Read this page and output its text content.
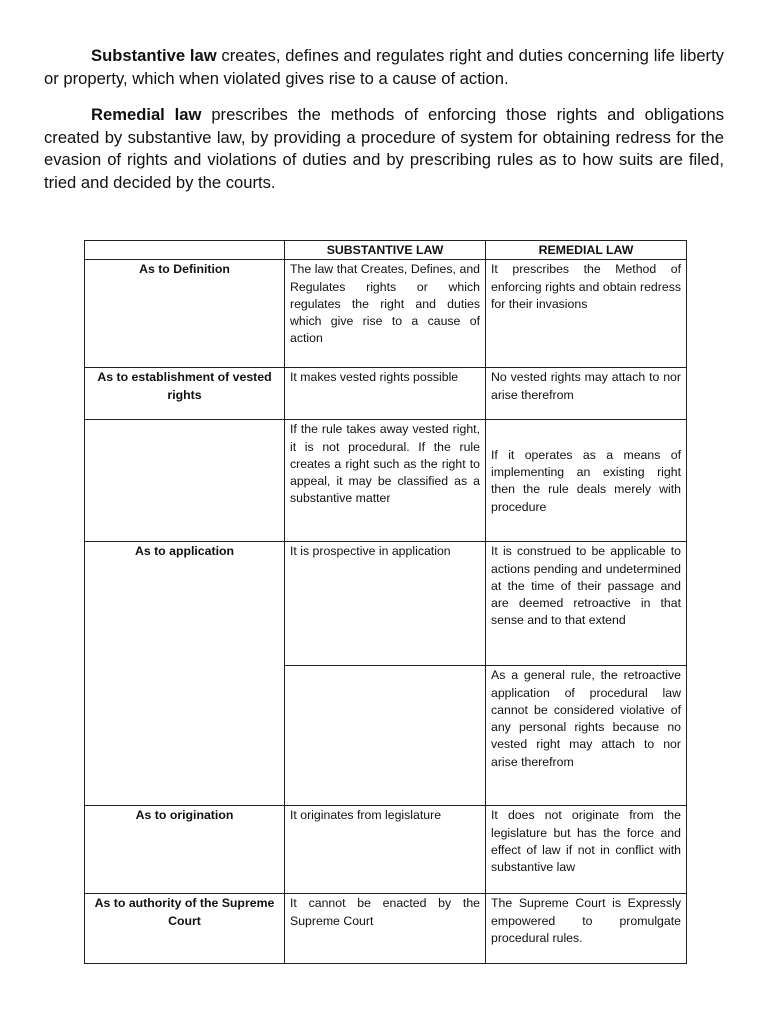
Substantive law creates, defines and regulates right and duties concerning life liberty or property, which when violated gives rise to a cause of action.

Remedial law prescribes the methods of enforcing those rights and obligations created by substantive law, by providing a procedure of system for obtaining redress for the evasion of rights and violations of duties and by prescribing rules as to how suits are filed, tried and decided by the courts.

	SUBSTANTIVE LAW	REMEDIAL LAW
As to Definition	The law that Creates, Defines, and Regulates rights or which regulates the right and duties which give rise to a cause of action	It prescribes the Method of enforcing rights and obtain redress for their invasions
As to establishment of vested rights	It makes vested rights possible	No vested rights may attach to nor arise therefrom
	If the rule takes away vested right, it is not procedural. If the rule creates a right such as the right to appeal, it may be classified as a substantive matter	If it operates as a means of implementing an existing right then the rule deals merely with procedure
As to application	It is prospective in application	It is construed to be applicable to actions pending and undetermined at the time of their passage and are deemed retroactive in that sense and to that extend
		As a general rule, the retroactive application of procedural law cannot be considered violative of any personal rights because no vested right may attach to nor arise therefrom
As to origination	It originates from legislature	It does not originate from the legislature but has the force and effect of law if not in conflict with substantive law
As to authority of the Supreme Court	It cannot be enacted by the Supreme Court	The Supreme Court is Expressly empowered to promulgate procedural rules.
